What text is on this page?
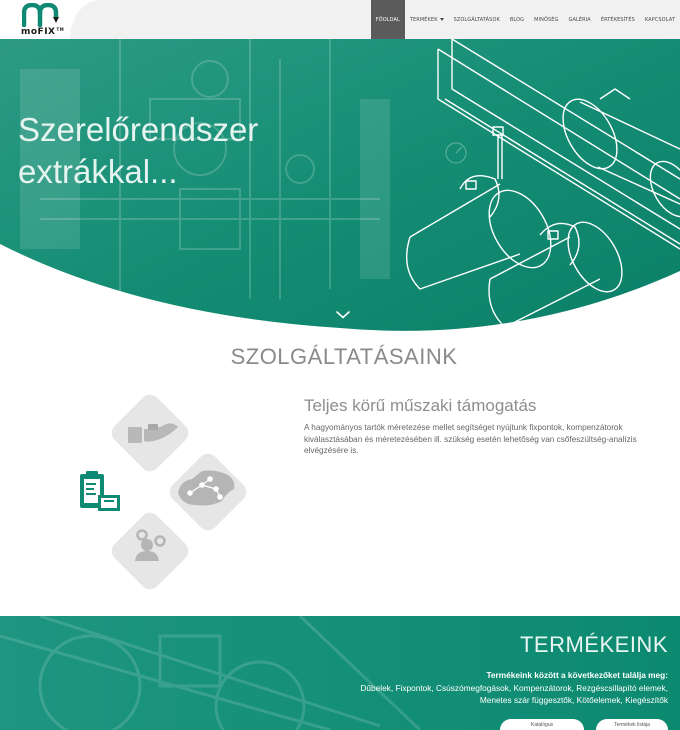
moFIX™
FŐOLDAL TERMÉKEK	SZOLGÁLTATÁSOK BLOG MINŐSÉG GALÉRIA ÉRTÉKESÍTÉS KAPCSOLAT
Szerelőrendszer
extrákkal...
SZOLGÁLTATÁSAINK
Teljes körű műszaki támogatás
A hagyományos tartók méretezése mellet segítséget nyújtunk fixpontok, kompenzátorok kiválasztásában és méretezésében ill. szükség esetén lehetőség van csőfeszültség-analízis elvégzésére is.
TERMÉKEINK
Termékeink között a következőket találja meg:
Dűbelek, Fixpontok, Csúszómegfogások, Kompenzátorok, Rezgéscsillapító elemek,
Menetes szár függesztők, Kötőelemek, Kiegészítők
Katalógus	Termékek listája
